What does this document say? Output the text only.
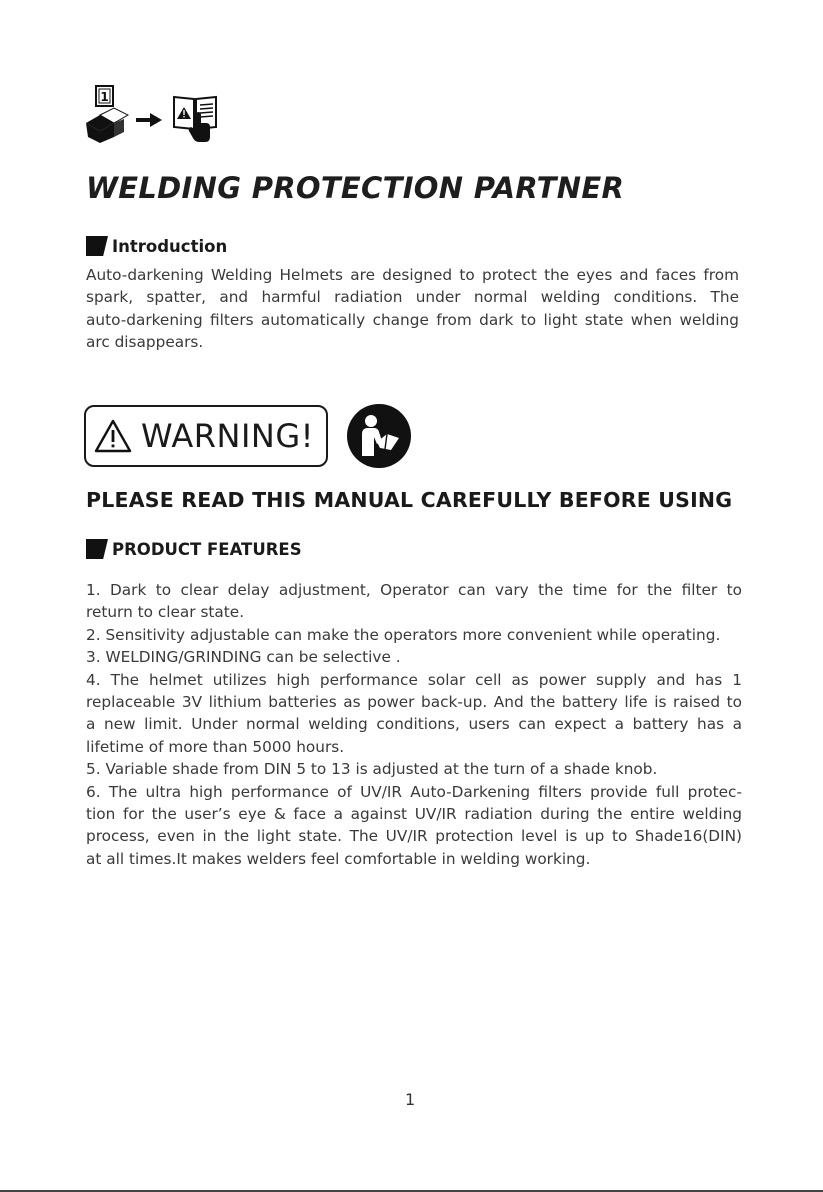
1
WELDING PROTECTION PARTNER
Introduction

Auto-darkening Welding Helmets are designed to protect the eyes and faces from
spark, spatter, and harmful radiation under normal welding conditions. The
auto-darkening filters automatically change from dark to light state when welding
arc disappears.

WARNING!
PLEASE READ THIS MANUAL CAREFULLY BEFORE USING
PRODUCT FEATURES

1. Dark to clear delay adjustment, Operator can vary the time for the filter to
return to clear state.
2. Sensitivity adjustable can make the operators more convenient while operating.
3. WELDING/GRINDING can be selective .
4. The helmet utilizes high performance solar cell as power supply and has 1
replaceable 3V lithium batteries as power back-up. And the battery life is raised to
a new limit. Under normal welding conditions, users can expect a battery has a
lifetime of more than 5000 hours.
5. Variable shade from DIN 5 to 13 is adjusted at the turn of a shade knob.
6. The ultra high performance of UV/IR Auto-Darkening filters provide full protec-
tion for the user’s eye & face a against UV/IR radiation during the entire welding
process, even in the light state. The UV/IR protection level is up to Shade16(DIN)
at all times.It makes welders feel comfortable in welding working.

1
